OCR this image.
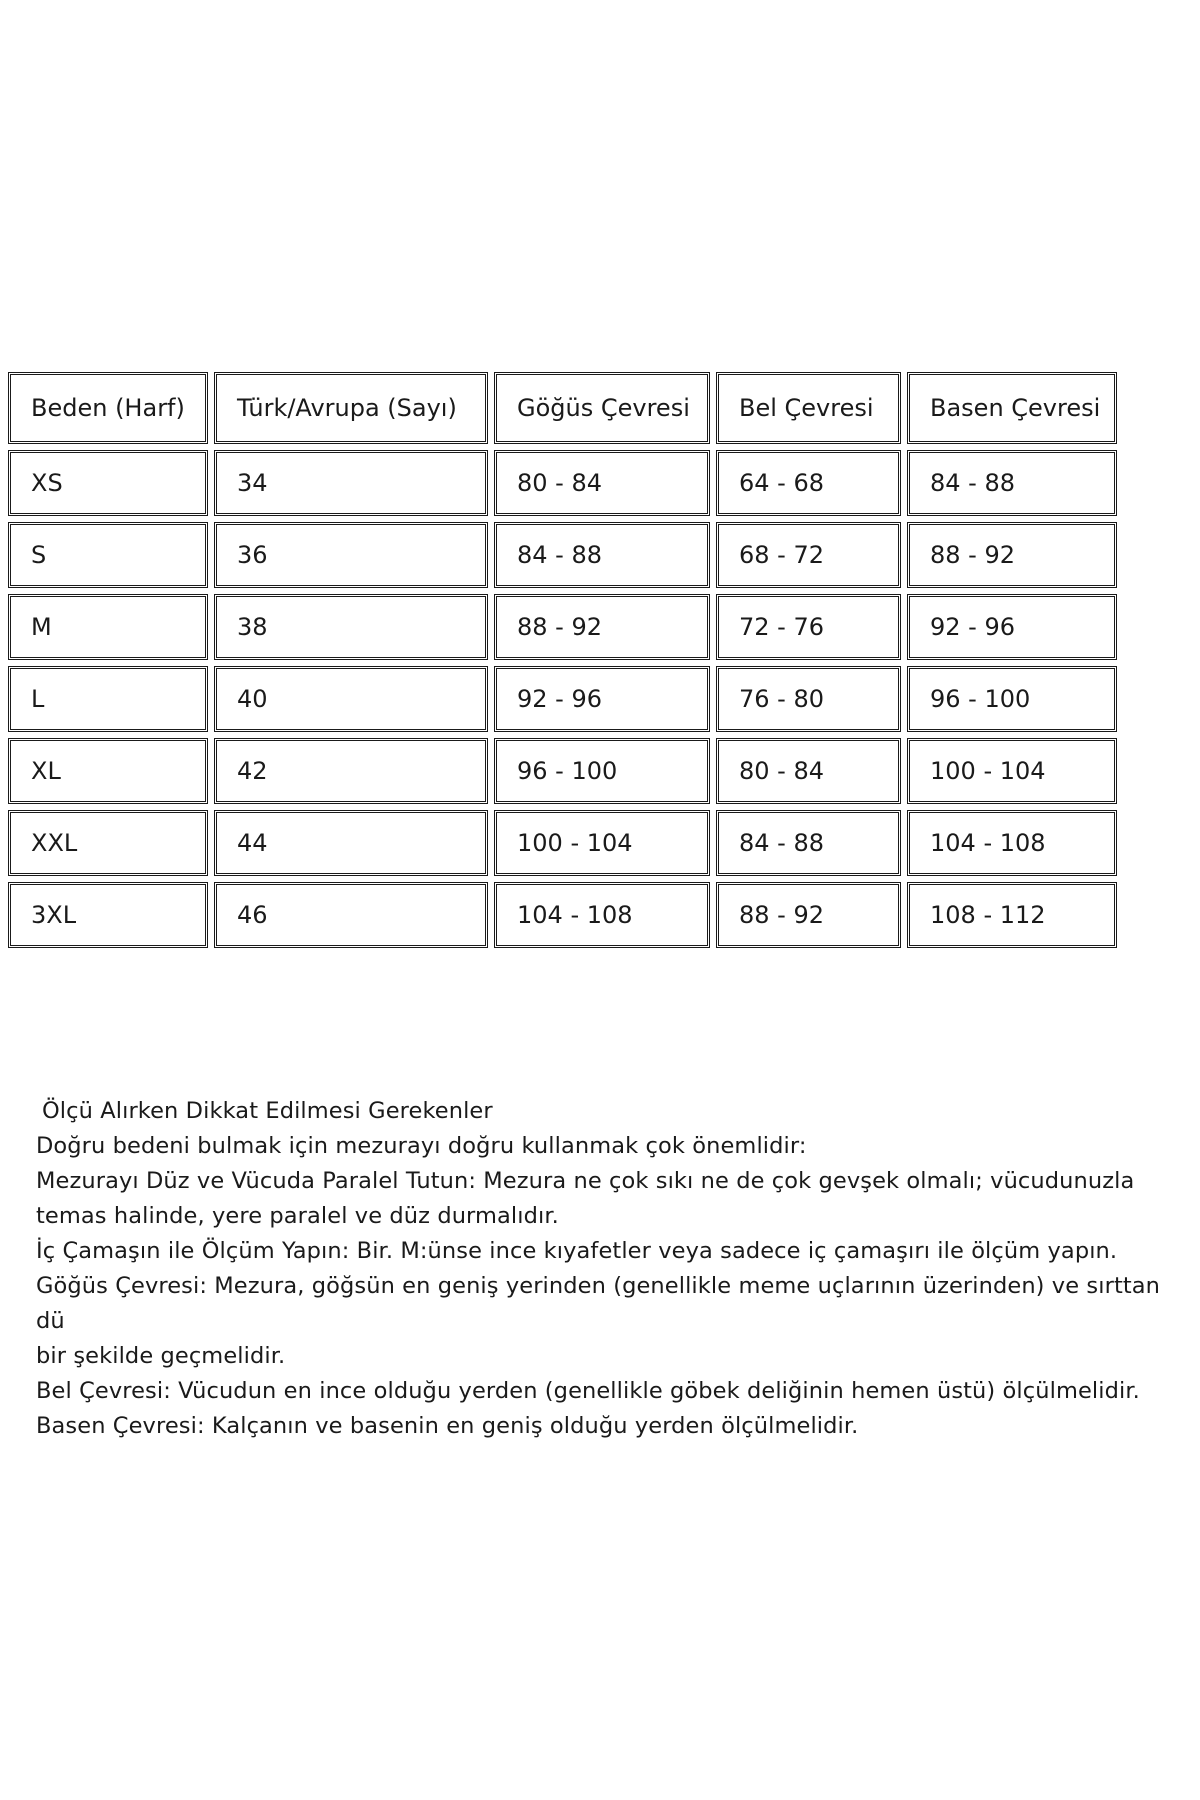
Beden (Harf)	Türk/Avrupa (Sayı)	Göğüs Çevresi	Bel Çevresi	Basen Çevresi
XS	34	80 - 84	64 - 68	84 - 88
S	36	84 - 88	68 - 72	88 - 92
M	38	88 - 92	72 - 76	92 - 96
L	40	92 - 96	76 - 80	96 - 100
XL	42	96 - 100	80 - 84	100 - 104
XXL	44	100 - 104	84 - 88	104 - 108
3XL	46	104 - 108	88 - 92	108 - 112

Ölçü Alırken Dikkat Edilmesi Gerekenler

Doğru bedeni bulmak için mezurayı doğru kullanmak çok önemlidir:

Mezurayı Düz ve Vücuda Paralel Tutun: Mezura ne çok sıkı ne de çok gevşek olmalı; vücudunuzla

temas halinde, yere paralel ve düz durmalıdır.

İç Çamaşın ile Ölçüm Yapın: Bir. M:ünse ince kıyafetler veya sadece iç çamaşırı ile ölçüm yapın.

Göğüs Çevresi: Mezura, göğsün en geniş yerinden (genellikle meme uçlarının üzerinden) ve sırttan dü

bir şekilde geçmelidir.

Bel Çevresi: Vücudun en ince olduğu yerden (genellikle göbek deliğinin hemen üstü) ölçülmelidir.

Basen Çevresi: Kalçanın ve basenin en geniş olduğu yerden ölçülmelidir.
